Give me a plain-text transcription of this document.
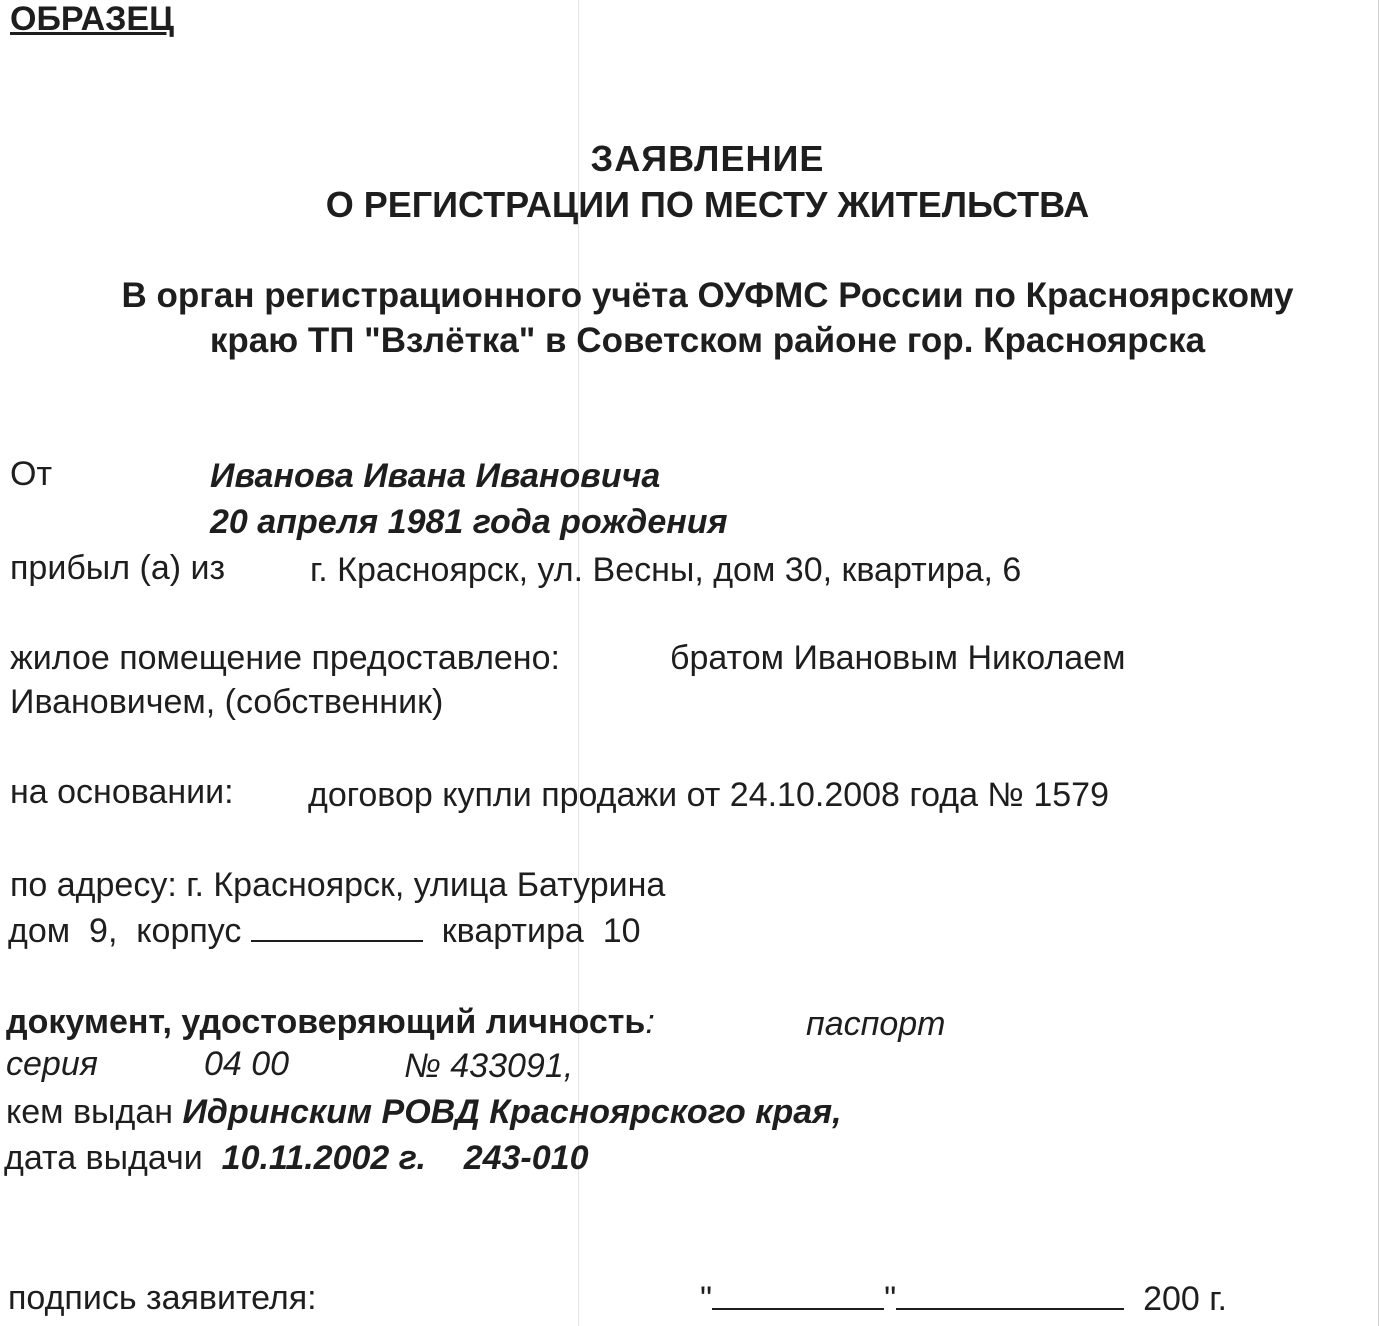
ОБРАЗЕЦ
ЗАЯВЛЕНИЕ
О РЕГИСТРАЦИИ ПО МЕСТУ ЖИТЕЛЬСТВА
В орган регистрационного учёта ОУФМС России по Красноярскому
краю ТП "Взлётка" в Советском районе гор. Красноярска
От	Иванова Ивана Ивановича
20 апреля 1981 года рождения
прибыл (а) из г. Красноярск, ул. Весны, дом 30, квартира, 6
жилое помещение предоставлено:	братом Ивановым Николаем
Ивановичем, (собственник)
на основании: договор купли продажи от 24.10.2008 года № 1579
по адресу: г. Красноярск, улица Батурина
дом 9, корпус	квартира 10
документ, удостоверяющий личность:	паспорт
серия	04 00	№ 433091,
кем выдан Идринским РОВД Красноярского края,
дата выдачи 10.11.2002 г. 243-010
подпись заявителя:	"	"	200 г.
